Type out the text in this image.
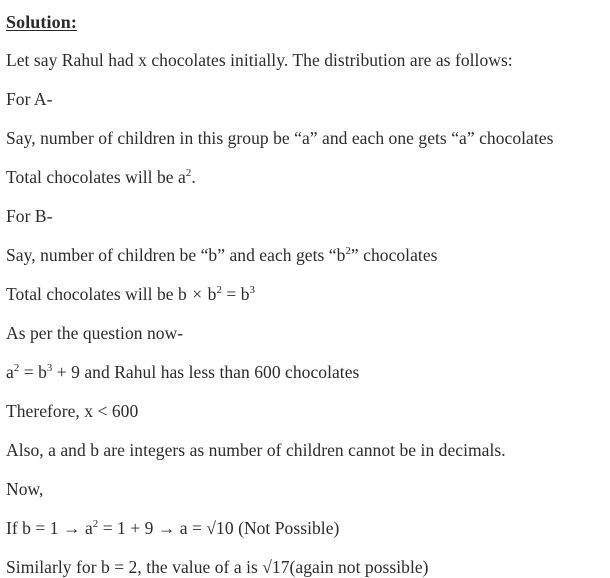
Solution:
Let say Rahul had x chocolates initially. The distribution are as follows:
For A-
Say, number of children in this group be “a” and each one gets “a” chocolates
Total chocolates will be $a^2$.
For B-
Say, number of children be “b” and each gets “$b^2$” chocolates
Total chocolates will be $b \times b^2 = b^3$
As per the question now-
$a^2 = b^3 + 9$ and Rahul has less than 600 chocolates
Therefore, x < 600
Also, a and b are integers as number of children cannot be in decimals.
Now,
If $b = 1 \to a^2 = 1 + 9 \to a = √10$ (Not Possible)
Similarly for b = 2, the value of a is √17(again not possible)
